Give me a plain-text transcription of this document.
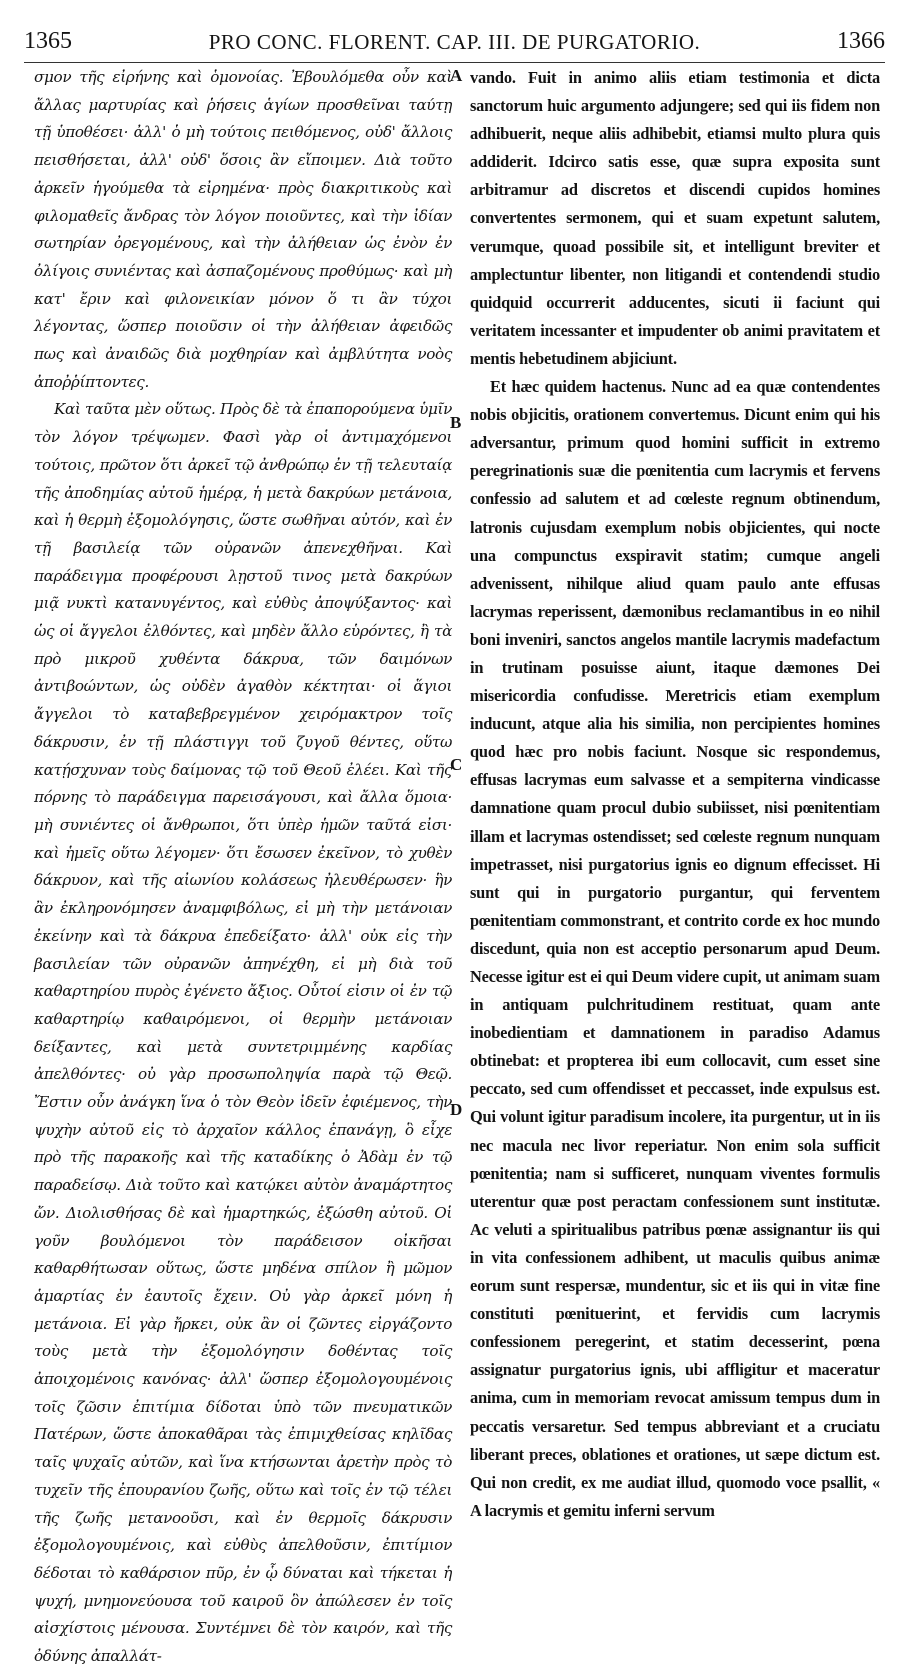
1365	PRO CONC. FLORENT. CAP. III. DE PURGATORIO.	1366

σμον τῆς εἰρήνης καὶ ὁμονοίας. Ἐβουλόμεθα οὖν καὶ ἄλλας μαρτυρίας καὶ ῥήσεις ἁγίων προσθεῖναι ταύτῃ τῇ ὑποθέσει· ἀλλ' ὁ μὴ τούτοις πειθόμενος, οὐδ' ἄλλοις πεισθήσεται, ἀλλ' οὐδ' ὅσοις ἂν εἴποιμεν. Διὰ τοῦτο ἀρκεῖν ἡγούμεθα τὰ εἰρημένα· πρὸς διακριτικοὺς καὶ φιλομαθεῖς ἄνδρας τὸν λόγον ποιοῦντες, καὶ τὴν ἰδίαν σωτηρίαν ὀρεγομένους, καὶ τὴν ἀλήθειαν ὡς ἐνὸν ἐν ὀλίγοις συνιέντας καὶ ἀσπαζομένους προθύμως· καὶ μὴ κατ' ἔριν καὶ φιλονεικίαν μόνον ὅ τι ἂν τύχοι λέγοντας, ὥσπερ ποιοῦσιν οἱ τὴν ἀλήθειαν ἀφειδῶς πως καὶ ἀναιδῶς διὰ μοχθηρίαν καὶ ἀμβλύτητα νοὸς ἀποῤῥίπτοντες.

Καὶ ταῦτα μὲν οὕτως. Πρὸς δὲ τὰ ἐπαπορούμενα ὑμῖν τὸν λόγον τρέψωμεν. Φασὶ γὰρ οἱ ἀντιμαχόμενοι τούτοις, πρῶτον ὅτι ἀρκεῖ τῷ ἀνθρώπῳ ἐν τῇ τελευταίᾳ τῆς ἀποδημίας αὐτοῦ ἡμέρᾳ, ἡ μετὰ δακρύων μετάνοια, καὶ ἡ θερμὴ ἐξομολόγησις, ὥστε σωθῆναι αὐτόν, καὶ ἐν τῇ βασιλείᾳ τῶν οὐρανῶν ἀπενεχθῆναι. Καὶ παράδειγμα προφέρουσι λῃστοῦ τινος μετὰ δακρύων μιᾷ νυκτὶ κατανυγέντος, καὶ εὐθὺς ἀποψύξαντος· καὶ ὡς οἱ ἄγγελοι ἐλθόντες, καὶ μηδὲν ἄλλο εὑρόντες, ἢ τὰ πρὸ μικροῦ χυθέντα δάκρυα, τῶν δαιμόνων ἀντιβοώντων, ὡς οὐδὲν ἀγαθὸν κέκτηται· οἱ ἅγιοι ἄγγελοι τὸ καταβεβρεγμένον χειρόμακτρον τοῖς δάκρυσιν, ἐν τῇ πλάστιγγι τοῦ ζυγοῦ θέντες, οὕτω κατῄσχυναν τοὺς δαίμονας τῷ τοῦ Θεοῦ ἐλέει. Καὶ τῆς πόρνης τὸ παράδειγμα παρεισάγουσι, καὶ ἄλλα ὅμοια· μὴ συνιέντες οἱ ἄνθρωποι, ὅτι ὑπὲρ ἡμῶν ταῦτά εἰσι· καὶ ἡμεῖς οὕτω λέγομεν· ὅτι ἔσωσεν ἐκεῖνον, τὸ χυθὲν δάκρυον, καὶ τῆς αἰωνίου κολάσεως ἠλευθέρωσεν· ἣν ἂν ἐκληρονόμησεν ἀναμφιβόλως, εἰ μὴ τὴν μετάνοιαν ἐκείνην καὶ τὰ δάκρυα ἐπεδείξατο· ἀλλ' οὐκ εἰς τὴν βασιλείαν τῶν οὐρανῶν ἀπηνέχθη, εἰ μὴ διὰ τοῦ καθαρτηρίου πυρὸς ἐγένετο ἄξιος. Οὗτοί εἰσιν οἱ ἐν τῷ καθαρτηρίῳ καθαιρόμενοι, οἱ θερμὴν μετάνοιαν δείξαντες, καὶ μετὰ συντετριμμένης καρδίας ἀπελθόντες· οὐ γὰρ προσωποληψία παρὰ τῷ Θεῷ. Ἔστιν οὖν ἀνάγκη ἵνα ὁ τὸν Θεὸν ἰδεῖν ἐφιέμενος, τὴν ψυχὴν αὐτοῦ εἰς τὸ ἀρχαῖον κάλλος ἐπανάγῃ, ὃ εἶχε πρὸ τῆς παρακοῆς καὶ τῆς καταδίκης ὁ Ἀδὰμ ἐν τῷ παραδείσῳ. Διὰ τοῦτο καὶ κατῴκει αὐτὸν ἀναμάρτητος ὤν. Διολισθήσας δὲ καὶ ἡμαρτηκώς, ἐξώσθη αὐτοῦ. Οἱ γοῦν βουλόμενοι τὸν παράδεισον οἰκῆσαι καθαρθήτωσαν οὕτως, ὥστε μηδένα σπίλον ἢ μῶμον ἁμαρτίας ἐν ἑαυτοῖς ἔχειν. Οὐ γὰρ ἀρκεῖ μόνη ἡ μετάνοια. Εἰ γὰρ ἤρκει, οὐκ ἂν οἱ ζῶντες εἰργάζοντο τοὺς μετὰ τὴν ἐξομολόγησιν δοθέντας τοῖς ἀποιχομένοις κανόνας· ἀλλ' ὥσπερ ἐξομολογουμένοις τοῖς ζῶσιν ἐπιτίμια δίδοται ὑπὸ τῶν πνευματικῶν Πατέρων, ὥστε ἀποκαθᾶραι τὰς ἐπιμιχθείσας κηλῖδας ταῖς ψυχαῖς αὐτῶν, καὶ ἵνα κτήσωνται ἀρετὴν πρὸς τὸ τυχεῖν τῆς ἐπουρανίου ζωῆς, οὕτω καὶ τοῖς ἐν τῷ τέλει τῆς ζωῆς μετανοοῦσι, καὶ ἐν θερμοῖς δάκρυσιν ἐξομολογουμένοις, καὶ εὐθὺς ἀπελθοῦσιν, ἐπιτίμιον δέδοται τὸ καθάρσιον πῦρ, ἐν ᾧ δύναται καὶ τήκεται ἡ ψυχή, μνημονεύουσα τοῦ καιροῦ ὃν ἀπώλεσεν ἐν τοῖς αἰσχίστοις μένουσα. Συντέμνει δὲ τὸν καιρόν, καὶ τῆς ὀδύνης ἀπαλλάτ-

A
B
C
D

vando. Fuit in animo aliis etiam testimonia et dicta sanctorum huic argumento adjungere; sed qui iis fidem non adhibuerit, neque aliis adhibebit, etiamsi multo plura quis addiderit. Idcirco satis esse, quæ supra exposita sunt arbitramur ad discretos et discendi cupidos homines convertentes sermonem, qui et suam expetunt salutem, verumque, quoad possibile sit, et intelligunt breviter et amplectuntur libenter, non litigandi et contendendi studio quidquid occurrerit adducentes, sicuti ii faciunt qui veritatem incessanter et impudenter ob animi pravitatem et mentis hebetudinem abjiciunt.

Et hæc quidem hactenus. Nunc ad ea quæ contendentes nobis objicitis, orationem convertemus. Dicunt enim qui his adversantur, primum quod homini sufficit in extremo peregrinationis suæ die pœnitentia cum lacrymis et fervens confessio ad salutem et ad cœleste regnum obtinendum, latronis cujusdam exemplum nobis objicientes, qui nocte una compunctus exspiravit statim; cumque angeli advenissent, nihilque aliud quam paulo ante effusas lacrymas reperissent, dæmonibus reclamantibus in eo nihil boni inveniri, sanctos angelos mantile lacrymis madefactum in trutinam posuisse aiunt, itaque dæmones Dei misericordia confudisse. Meretricis etiam exemplum inducunt, atque alia his similia, non percipientes homines quod hæc pro nobis faciunt. Nosque sic respondemus, effusas lacrymas eum salvasse et a sempiterna vindicasse damnatione quam procul dubio subiisset, nisi pœnitentiam illam et lacrymas ostendisset; sed cœleste regnum nunquam impetrasset, nisi purgatorius ignis eo dignum effecisset. Hi sunt qui in purgatorio purgantur, qui ferventem pœnitentiam commonstrant, et contrito corde ex hoc mundo discedunt, quia non est acceptio personarum apud Deum. Necesse igitur est ei qui Deum videre cupit, ut animam suam in antiquam pulchritudinem restituat, quam ante inobedientiam et damnationem in paradiso Adamus obtinebat: et propterea ibi eum collocavit, cum esset sine peccato, sed cum offendisset et peccasset, inde expulsus est. Qui volunt igitur paradisum incolere, ita purgentur, ut in iis nec macula nec livor reperiatur. Non enim sola sufficit pœnitentia; nam si sufficeret, nunquam viventes formulis uterentur quæ post peractam confessionem sunt institutæ. Ac veluti a spiritualibus patribus pœnæ assignantur iis qui in vita confessionem adhibent, ut maculis quibus animæ eorum sunt respersæ, mundentur, sic et iis qui in vitæ fine constituti pœnituerint, et fervidis cum lacrymis confessionem peregerint, et statim decesserint, pœna assignatur purgatorius ignis, ubi affligitur et maceratur anima, cum in memoriam revocat amissum tempus dum in peccatis versaretur. Sed tempus abbreviant et a cruciatu liberant preces, oblationes et orationes, ut sæpe dictum est. Qui non credit, ex me audiat illud, quomodo voce psallit, « A lacrymis et gemitu inferni servum
